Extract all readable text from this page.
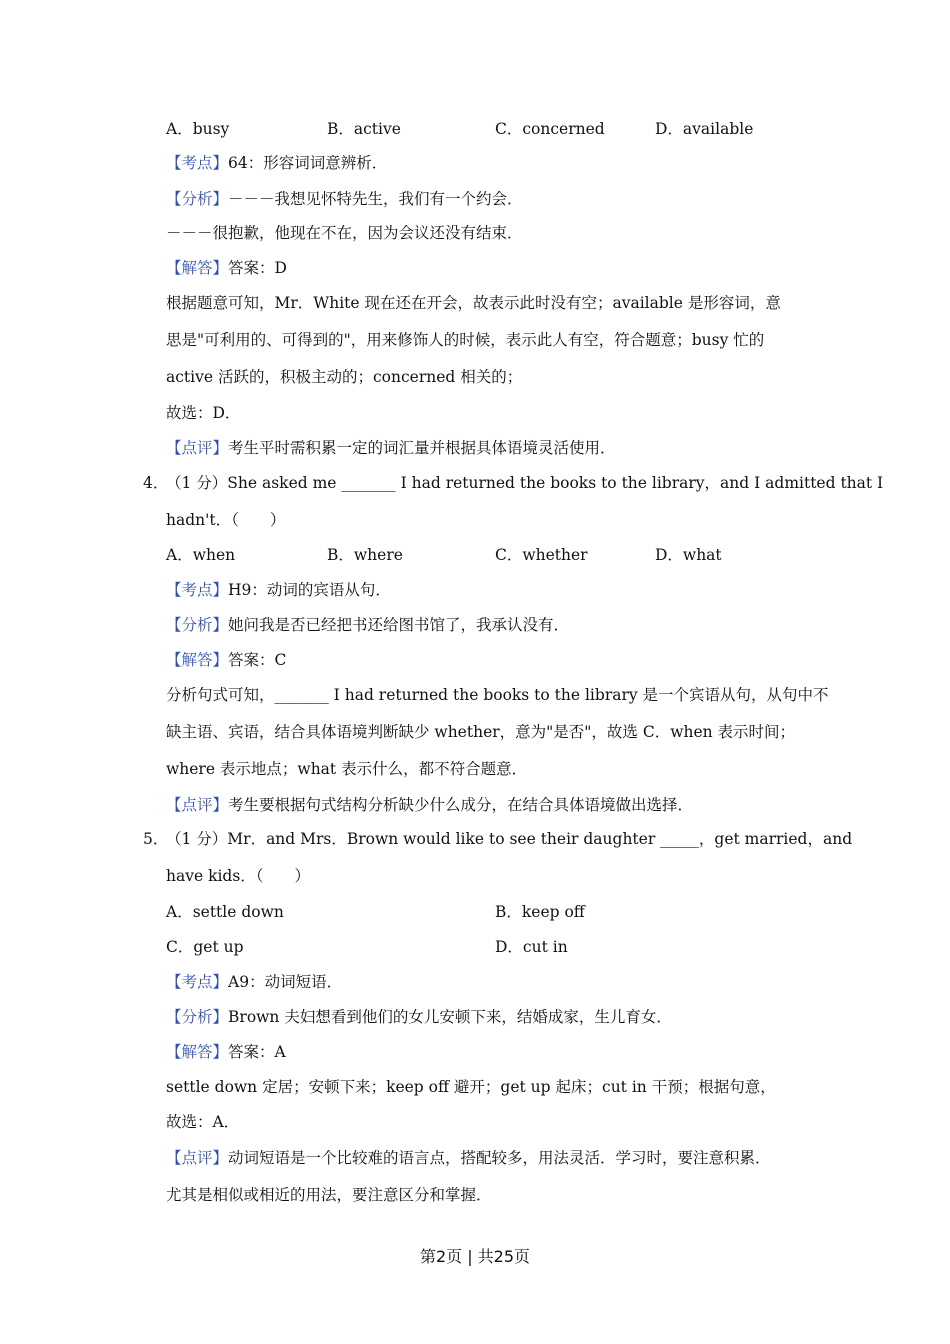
A．busy	B．active	C．concerned	D．available
【考点】64：形容词词意辨析．
【分析】－－－我想见怀特先生，我们有一个约会．
－－－很抱歉，他现在不在，因为会议还没有结束．
【解答】答案：D
根据题意可知，Mr．White 现在还在开会，故表示此时没有空；available 是形容词，意
思是"可利用的、可得到的"，用来修饰人的时候，表示此人有空，符合题意；busy 忙的
active 活跃的，积极主动的；concerned 相关的；
故选：D．
【点评】考生平时需积累一定的词汇量并根据具体语境灵活使用．
4．
（1 分）She asked me _______ I had returned the books to the library，and I admitted that I
hadn't．（　　）
A．when	B．where	C．whether	D．what
【考点】H9：动词的宾语从句．
【分析】她问我是否已经把书还给图书馆了，我承认没有．
【解答】答案：C
分析句式可知，_______ I had returned the books to the library 是一个宾语从句，从句中不
缺主语、宾语，结合具体语境判断缺少 whether，意为"是否"，故选 C．when 表示时间；
where 表示地点；what 表示什么，都不符合题意．
【点评】考生要根据句式结构分析缺少什么成分，在结合具体语境做出选择．
5．
（1 分）Mr．and Mrs．Brown would like to see their daughter _____，get married，and
have kids．（　　）
A．settle down	B．keep off
C．get up	D．cut in
【考点】A9：动词短语．
【分析】Brown 夫妇想看到他们的女儿安顿下来，结婚成家，生儿育女．
【解答】答案：A
settle down 定居；安顿下来；keep off 避开；get up 起床；cut in 干预；根据句意，
故选：A．
【点评】动词短语是一个比较难的语言点，搭配较多，用法灵活．学习时，要注意积累．
尤其是相似或相近的用法，要注意区分和掌握．
第2页 | 共25页
